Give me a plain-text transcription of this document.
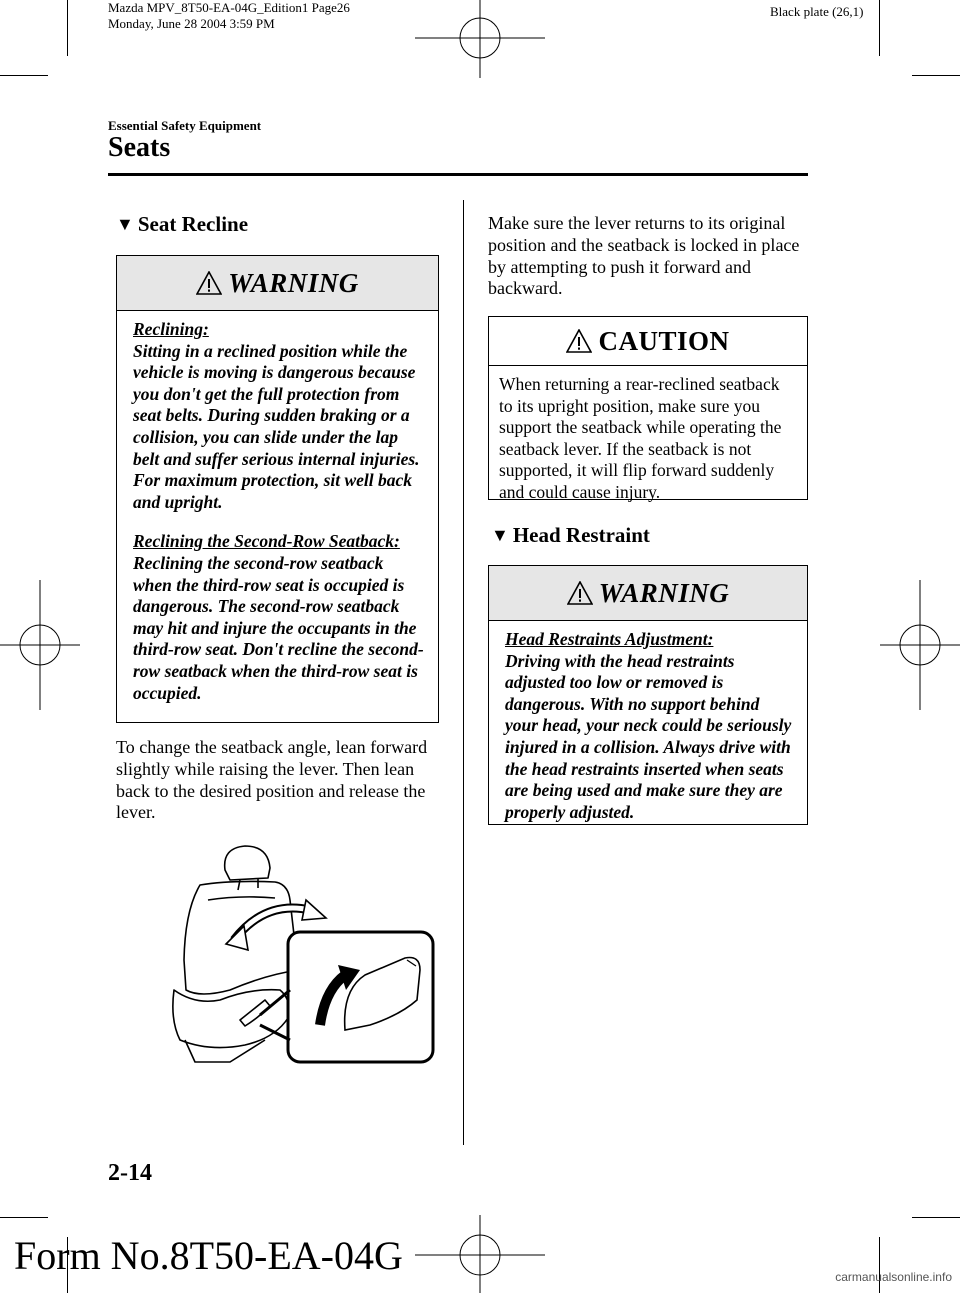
Mazda MPV_8T50-EA-04G_Edition1 Page26
Monday, June 28 2004 3:59 PM
Black plate (26,1)
Essential Safety Equipment
Seats
▼ Seat Recline
WARNING
Reclining:
Sitting in a reclined position while the vehicle is moving is dangerous because you don't get the full protection from seat belts. During sudden braking or a collision, you can slide under the lap belt and suffer serious internal injuries. For maximum protection, sit well back and upright.
Reclining the Second-Row Seatback:
Reclining the second-row seatback when the third-row seat is occupied is dangerous. The second-row seatback may hit and injure the occupants in the third-row seat. Don't recline the second-row seatback when the third-row seat is occupied.
To change the seatback angle, lean forward slightly while raising the lever. Then lean back to the desired position and release the lever.
Make sure the lever returns to its original position and the seatback is locked in place by attempting to push it forward and backward.
CAUTION
When returning a rear-reclined seatback to its upright position, make sure you support the seatback while operating the seatback lever. If the seatback is not supported, it will flip forward suddenly and could cause injury.
▼ Head Restraint
WARNING
Head Restraints Adjustment:
Driving with the head restraints adjusted too low or removed is dangerous. With no support behind your head, your neck could be seriously injured in a collision. Always drive with the head restraints inserted when seats are being used and make sure they are properly adjusted.
2-14
Form No.8T50-EA-04G	carmanualsonline.info
